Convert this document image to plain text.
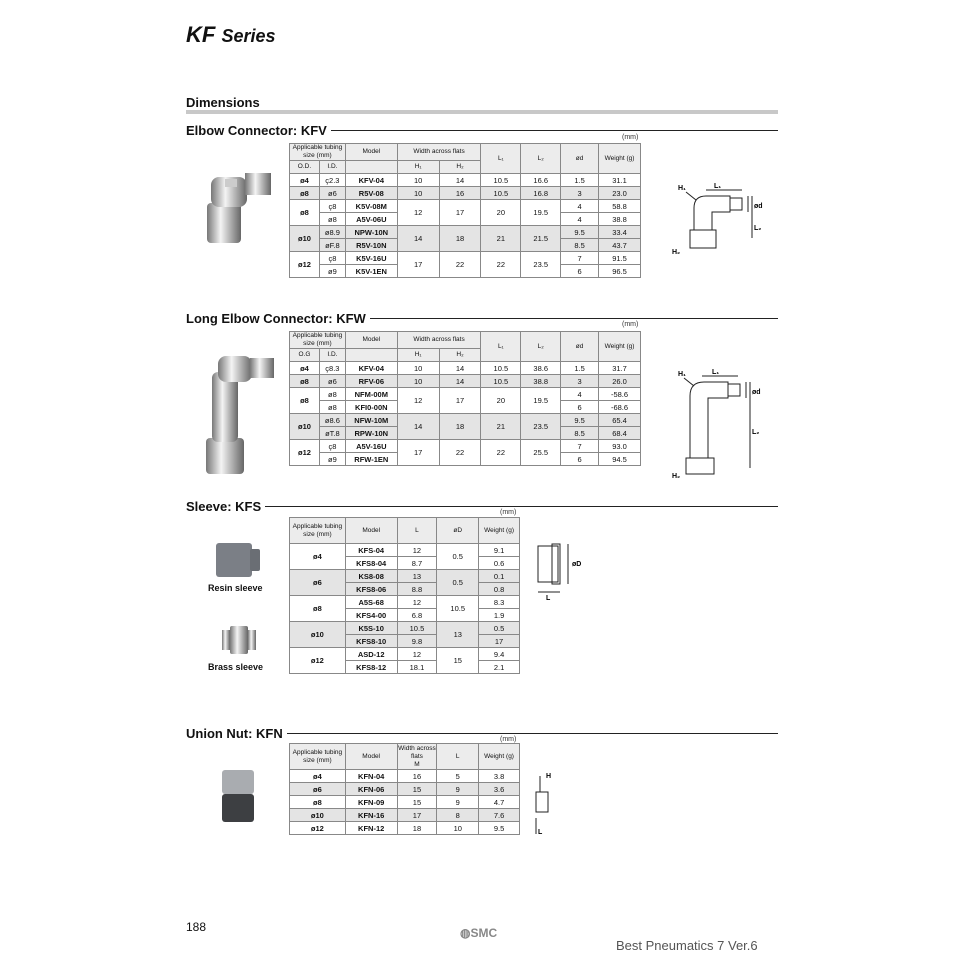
KF Series
Dimensions
Elbow Connector: KFV	(mm)
Applicable tubing size (mm)		Model	Width across flats		L₁	L₂	ød	Weight (g)
O.D.	I.D.		H₁	H₂				

ø4	ç2.3	KFV-04	10	14	10.5	16.6	1.5	31.1
ø8	ø6	R5V-08	10	16	10.5	16.8	3	23.0
ø8	ç8	K5V-08M	12	17	20	19.5	4	58.8
	ø8	A5V-06U					4	38.8
ø10	ø8.9	NPW-10N	14	18	21	21.5	9.5	33.4
	øF.8	R5V-10N					8.5	43.7
ø12	ç8	K5V-16U	17	22	22	23.5	7	91.5
	ø9	K5V-1EN					6	96.5
H₁	L₁
ød
L₂
H₂
Long Elbow Connector: KFW	(mm)
Applicable tubing size (mm)		Model	Width across flats		L₁	L₂	ød	Weight (g)
O.G	I.D.		H₁	H₂				

ø4	ç8.3	KFV-04	10	14	10.5	38.6	1.5	31.7
ø8	ø6	RFV-06	10	14	10.5	38.8	3	26.0
ø8	ø8	NFM-00M	12	17	20	19.5	4	-58.6
	ø8	KFI0-00N					6	-68.6
ø10	ø8.6	NFW-10M	14	18	21	23.5	9.5	65.4
	øT.8	RPW-10N					8.5	68.4
ø12	ç8	A5V-16U	17	22	22	25.5	7	93.0
	ø9	RFW-1EN					6	94.5
H₁	L₁
ød
L₂
H₂
Sleeve: KFS	(mm)
Resin sleeve
Brass sleeve
Applicable tubing size (mm)	Model	L	øD	Weight (g)
ø4	KFS-04	12	0.5	9.1
	KFS8-04	8.7		0.6
ø6	KS8-08	13	0.5	0.1
	KFS8-06	8.8		0.8
ø8	A5S-68	12	10.5	8.3
	KFS4-00	6.8		1.9
ø10	K5S-10	10.5	13	0.5
	KFS8-10	9.8		17
ø12	ASD-12	12	15	9.4
	KFS8-12	18.1		2.1
øD
L
Union Nut: KFN	(mm)
Applicable tubing size (mm)	Model	Width across flats
M	L	Weight (g)
ø4	KFN-04	16	5	3.8
ø6	KFN-06	15	9	3.6
ø8	KFN-09	15	9	4.7
ø10	KFN-16	17	8	7.6
ø12	KFN-12	18	10	9.5
H
L
188	◍SMC
Best Pneumatics 7 Ver.6
